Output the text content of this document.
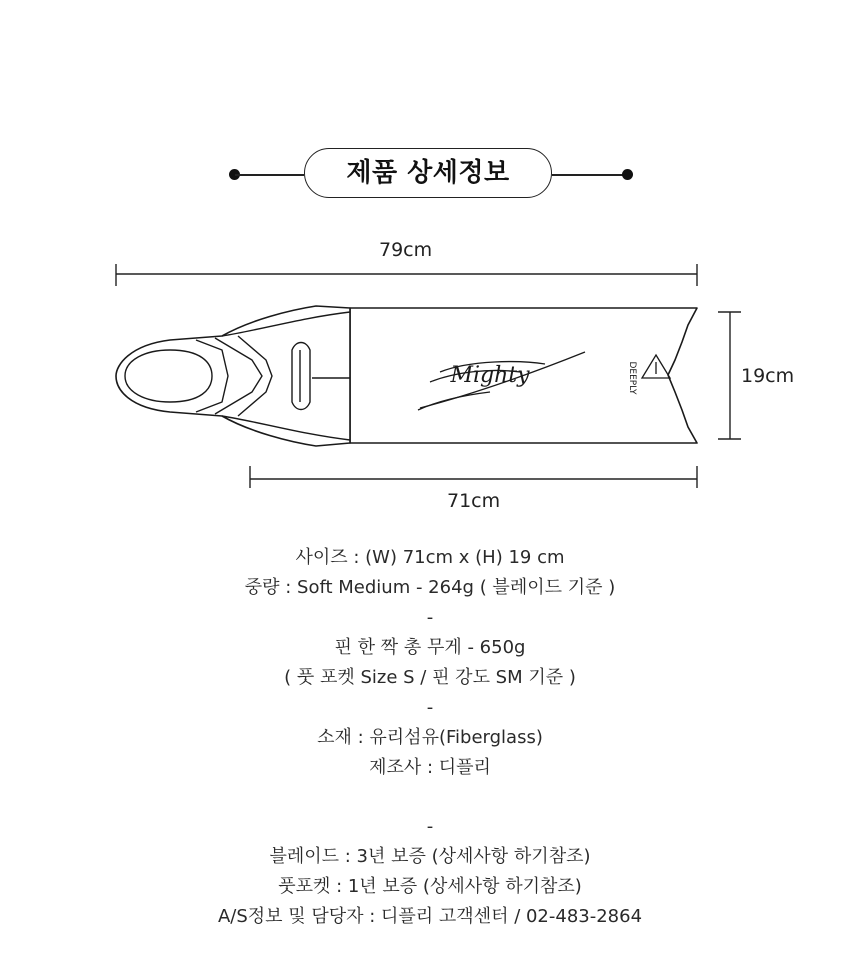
제품 상세정보
79cm
71cm
19cm
Mighty	DEEPLY
사이즈 : (W) 71cm x (H) 19 cm
중량 : Soft Medium - 264g ( 블레이드 기준 )
-
핀 한 짝 총 무게 - 650g
( 풋 포켓 Size S / 핀 강도 SM 기준 )
-
소재 : 유리섬유(Fiberglass)
제조사 : 디플리
-
블레이드 : 3년 보증 (상세사항 하기참조)
풋포켓 : 1년 보증 (상세사항 하기참조)
A/S정보 및 담당자 : 디플리 고객센터 / 02-483-2864
